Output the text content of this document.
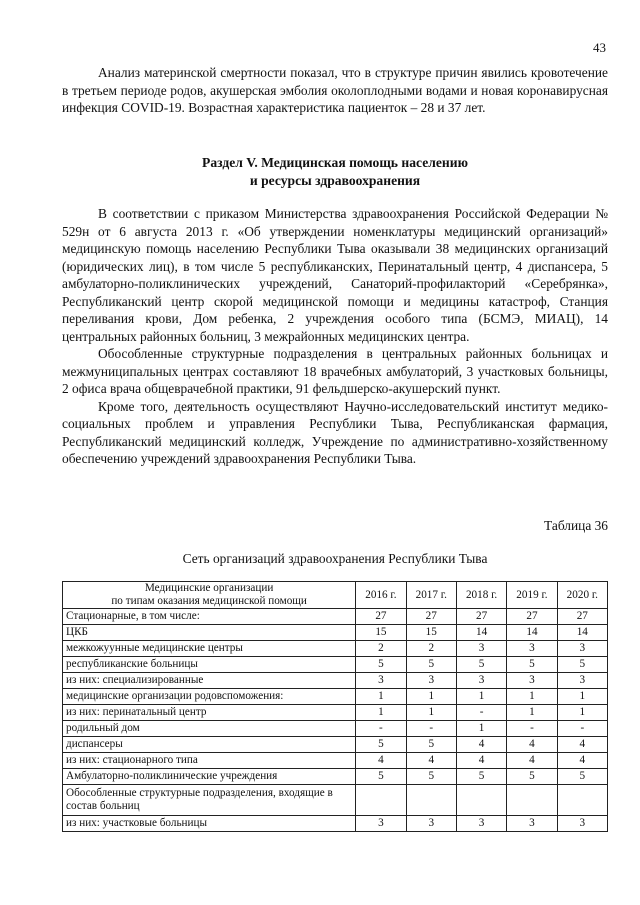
43

Анализ материнской смертности показал, что в структуре причин явились кровотечение в третьем периоде родов, акушерская эмболия околоплодными водами и новая коронавирусная инфекция COVID-19. Возрастная характеристика пациенток – 28 и 37 лет.

Раздел V. Медицинская помощь населению
и ресурсы здравоохранения

В соответствии с приказом Министерства здравоохранения Российской Федерации № 529н от 6 августа 2013 г. «Об утверждении номенклатуры медицинский организаций» медицинскую помощь населению Республики Тыва оказывали 38 медицинских организаций (юридических лиц), в том числе 5 республиканских, Перинатальный центр, 4 диспансера, 5 амбулаторно-поликлинических учреждений, Санаторий-профилакторий «Серебрянка», Республиканский центр скорой медицинской помощи и медицины катастроф, Станция переливания крови, Дом ребенка, 2 учреждения особого типа (БСМЭ, МИАЦ), 14 центральных районных больниц, 3 межрайонных медицинских центра.

Обособленные структурные подразделения в центральных районных больницах и межмуниципальных центрах составляют 18 врачебных амбулаторий, 3 участковых больницы, 2 офиса врача общеврачебной практики, 91 фельдшерско-акушерский пункт.

Кроме того, деятельность осуществляют Научно-исследовательский институт медико-социальных проблем и управления Республики Тыва, Республиканская фармация, Республиканский медицинский колледж, Учреждение по административно-хозяйственному обеспечению учреждений здравоохранения Республики Тыва.

Таблица 36
Сеть организаций здравоохранения Республики Тыва
Медицинские организации
по типам оказания медицинской помощи	2016 г.	2017 г.	2018 г.	2019 г.	2020 г.
Стационарные, в том числе:	27	27	27	27	27
ЦКБ	15	15	14	14	14
межкожуунные медицинские центры	2	2	3	3	3
республиканские больницы	5	5	5	5	5
из них: специализированные	3	3	3	3	3
медицинские организации родовспоможения:	1	1	1	1	1
из них: перинатальный центр	1	1	-	1	1
родильный дом	-	-	1	-	-
диспансеры	5	5	4	4	4
из них: стационарного типа	4	4	4	4	4
Амбулаторно-поликлинические учреждения	5	5	5	5	5
Обособленные структурные подразделения, входящие в состав больниц					
из них: участковые больницы	3	3	3	3	3
